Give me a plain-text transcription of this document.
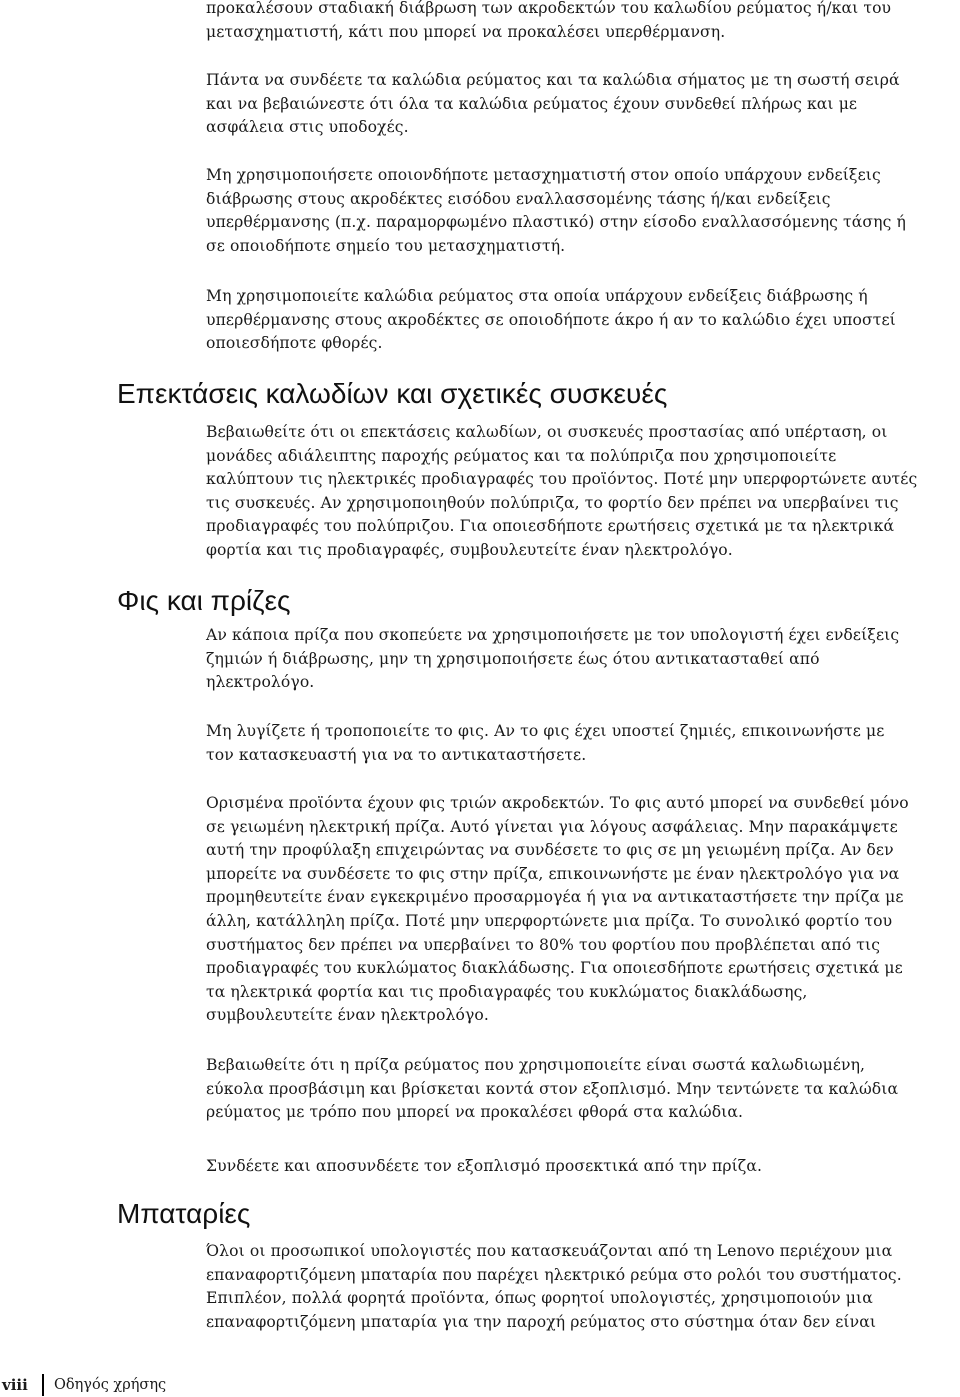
προκαλέσουν σταδιακή διάβρωση των ακροδεκτών του καλωδίου ρεύματος ή/και του
μετασχηματιστή, κάτι που μπορεί να προκαλέσει υπερθέρμανση.

Πάντα να συνδέετε τα καλώδια ρεύματος και τα καλώδια σήματος με τη σωστή σειρά
και να βεβαιώνεστε ότι όλα τα καλώδια ρεύματος έχουν συνδεθεί πλήρως και με
ασφάλεια στις υποδοχές.

Μη χρησιμοποιήσετε οποιονδήποτε μετασχηματιστή στον οποίο υπάρχουν ενδείξεις
διάβρωσης στους ακροδέκτες εισόδου εναλλασσομένης τάσης ή/και ενδείξεις
υπερθέρμανσης (π.χ. παραμορφωμένο πλαστικό) στην είσοδο εναλλασσόμενης τάσης ή
σε οποιοδήποτε σημείο του μετασχηματιστή.

Μη χρησιμοποιείτε καλώδια ρεύματος στα οποία υπάρχουν ενδείξεις διάβρωσης ή
υπερθέρμανσης στους ακροδέκτες σε οποιοδήποτε άκρο ή αν το καλώδιο έχει υποστεί
οποιεσδήποτε φθορές.

Επεκτάσεις καλωδίων και σχετικές συσκευές

Βεβαιωθείτε ότι οι επεκτάσεις καλωδίων, οι συσκευές προστασίας από υπέρταση, οι
μονάδες αδιάλειπτης παροχής ρεύματος και τα πολύπριζα που χρησιμοποιείτε
καλύπτουν τις ηλεκτρικές προδιαγραφές του προϊόντος. Ποτέ μην υπερφορτώνετε αυτές
τις συσκευές. Αν χρησιμοποιηθούν πολύπριζα, το φορτίο δεν πρέπει να υπερβαίνει τις
προδιαγραφές του πολύπριζου. Για οποιεσδήποτε ερωτήσεις σχετικά με τα ηλεκτρικά
φορτία και τις προδιαγραφές, συμβουλευτείτε έναν ηλεκτρολόγο.

Φις και πρίζες

Αν κάποια πρίζα που σκοπεύετε να χρησιμοποιήσετε με τον υπολογιστή έχει ενδείξεις
ζημιών ή διάβρωσης, μην τη χρησιμοποιήσετε έως ότου αντικατασταθεί από
ηλεκτρολόγο.

Μη λυγίζετε ή τροποποιείτε το φις. Αν το φις έχει υποστεί ζημιές, επικοινωνήστε με
τον κατασκευαστή για να το αντικαταστήσετε.

Ορισμένα προϊόντα έχουν φις τριών ακροδεκτών. Το φις αυτό μπορεί να συνδεθεί μόνο
σε γειωμένη ηλεκτρική πρίζα. Αυτό γίνεται για λόγους ασφάλειας. Μην παρακάμψετε
αυτή την προφύλαξη επιχειρώντας να συνδέσετε το φις σε μη γειωμένη πρίζα. Αν δεν
μπορείτε να συνδέσετε το φις στην πρίζα, επικοινωνήστε με έναν ηλεκτρολόγο για να
προμηθευτείτε έναν εγκεκριμένο προσαρμογέα ή για να αντικαταστήσετε την πρίζα με
άλλη, κατάλληλη πρίζα. Ποτέ μην υπερφορτώνετε μια πρίζα. Το συνολικό φορτίο του
συστήματος δεν πρέπει να υπερβαίνει το 80% του φορτίου που προβλέπεται από τις
προδιαγραφές του κυκλώματος διακλάδωσης. Για οποιεσδήποτε ερωτήσεις σχετικά με
τα ηλεκτρικά φορτία και τις προδιαγραφές του κυκλώματος διακλάδωσης,
συμβουλευτείτε έναν ηλεκτρολόγο.

Βεβαιωθείτε ότι η πρίζα ρεύματος που χρησιμοποιείτε είναι σωστά καλωδιωμένη,
εύκολα προσβάσιμη και βρίσκεται κοντά στον εξοπλισμό. Μην τεντώνετε τα καλώδια
ρεύματος με τρόπο που μπορεί να προκαλέσει φθορά στα καλώδια.

Συνδέετε και αποσυνδέετε τον εξοπλισμό προσεκτικά από την πρίζα.

Μπαταρίες

Όλοι οι προσωπικοί υπολογιστές που κατασκευάζονται από τη Lenovo περιέχουν μια
επαναφορτιζόμενη μπαταρία που παρέχει ηλεκτρικό ρεύμα στο ρολόι του συστήματος.
Επιπλέον, πολλά φορητά προϊόντα, όπως φορητοί υπολογιστές, χρησιμοποιούν μια
επαναφορτιζόμενη μπαταρία για την παροχή ρεύματος στο σύστημα όταν δεν είναι

viii Οδηγός χρήσης
